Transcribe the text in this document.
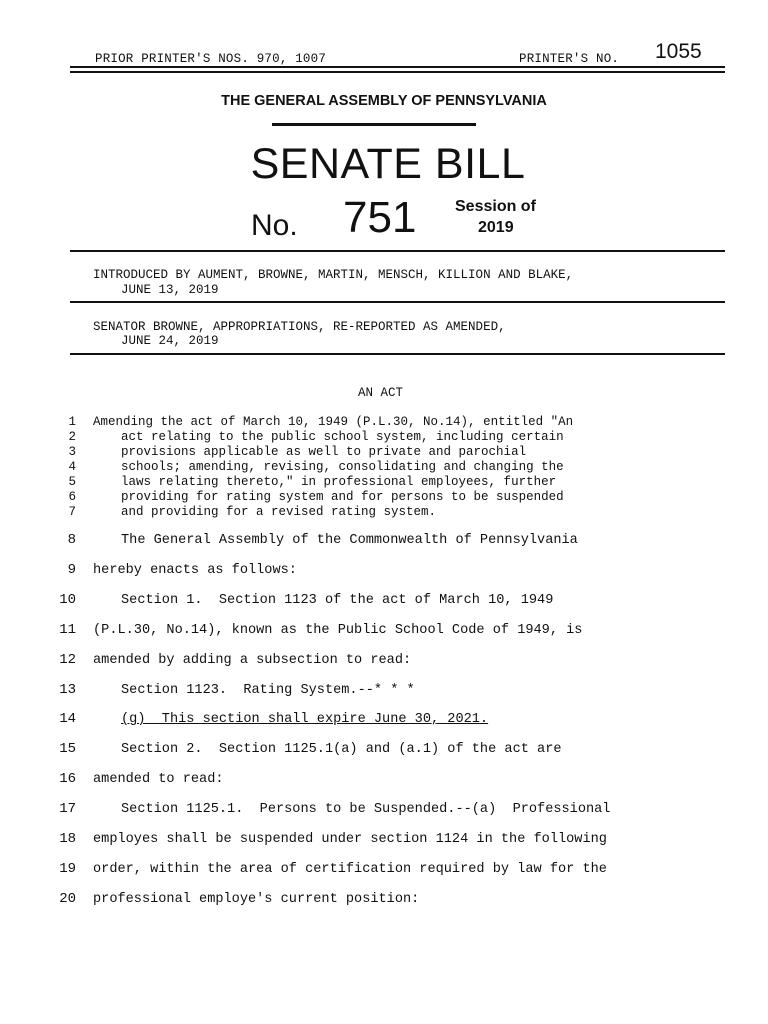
PRIOR PRINTER'S NOS. 970, 1007	PRINTER'S NO. 1055
THE GENERAL ASSEMBLY OF PENNSYLVANIA
SENATE BILL
No. 751 Session of
2019
INTRODUCED BY AUMENT, BROWNE, MARTIN, MENSCH, KILLION AND BLAKE,
JUNE 13, 2019
SENATOR BROWNE, APPROPRIATIONS, RE-REPORTED AS AMENDED,
JUNE 24, 2019
AN ACT
1 Amending the act of March 10, 1949 (P.L.30, No.14), entitled "An
2	act relating to the public school system, including certain
3	provisions applicable as well to private and parochial
4	schools; amending, revising, consolidating and changing the
5	laws relating thereto," in professional employees, further
6	providing for rating system and for persons to be suspended
7	and providing for a revised rating system.
8	The General Assembly of the Commonwealth of Pennsylvania
9 hereby enacts as follows:
10	Section 1.  Section 1123 of the act of March 10, 1949
11 (P.L.30, No.14), known as the Public School Code of 1949, is
12 amended by adding a subsection to read:
13	Section 1123.  Rating System.--* * *
14	(g)  This section shall expire June 30, 2021.
15	Section 2.  Section 1125.1(a) and (a.1) of the act are
16 amended to read:
17	Section 1125.1.  Persons to be Suspended.--(a)  Professional
18 employes shall be suspended under section 1124 in the following
19 order, within the area of certification required by law for the
20 professional employe's current position:
